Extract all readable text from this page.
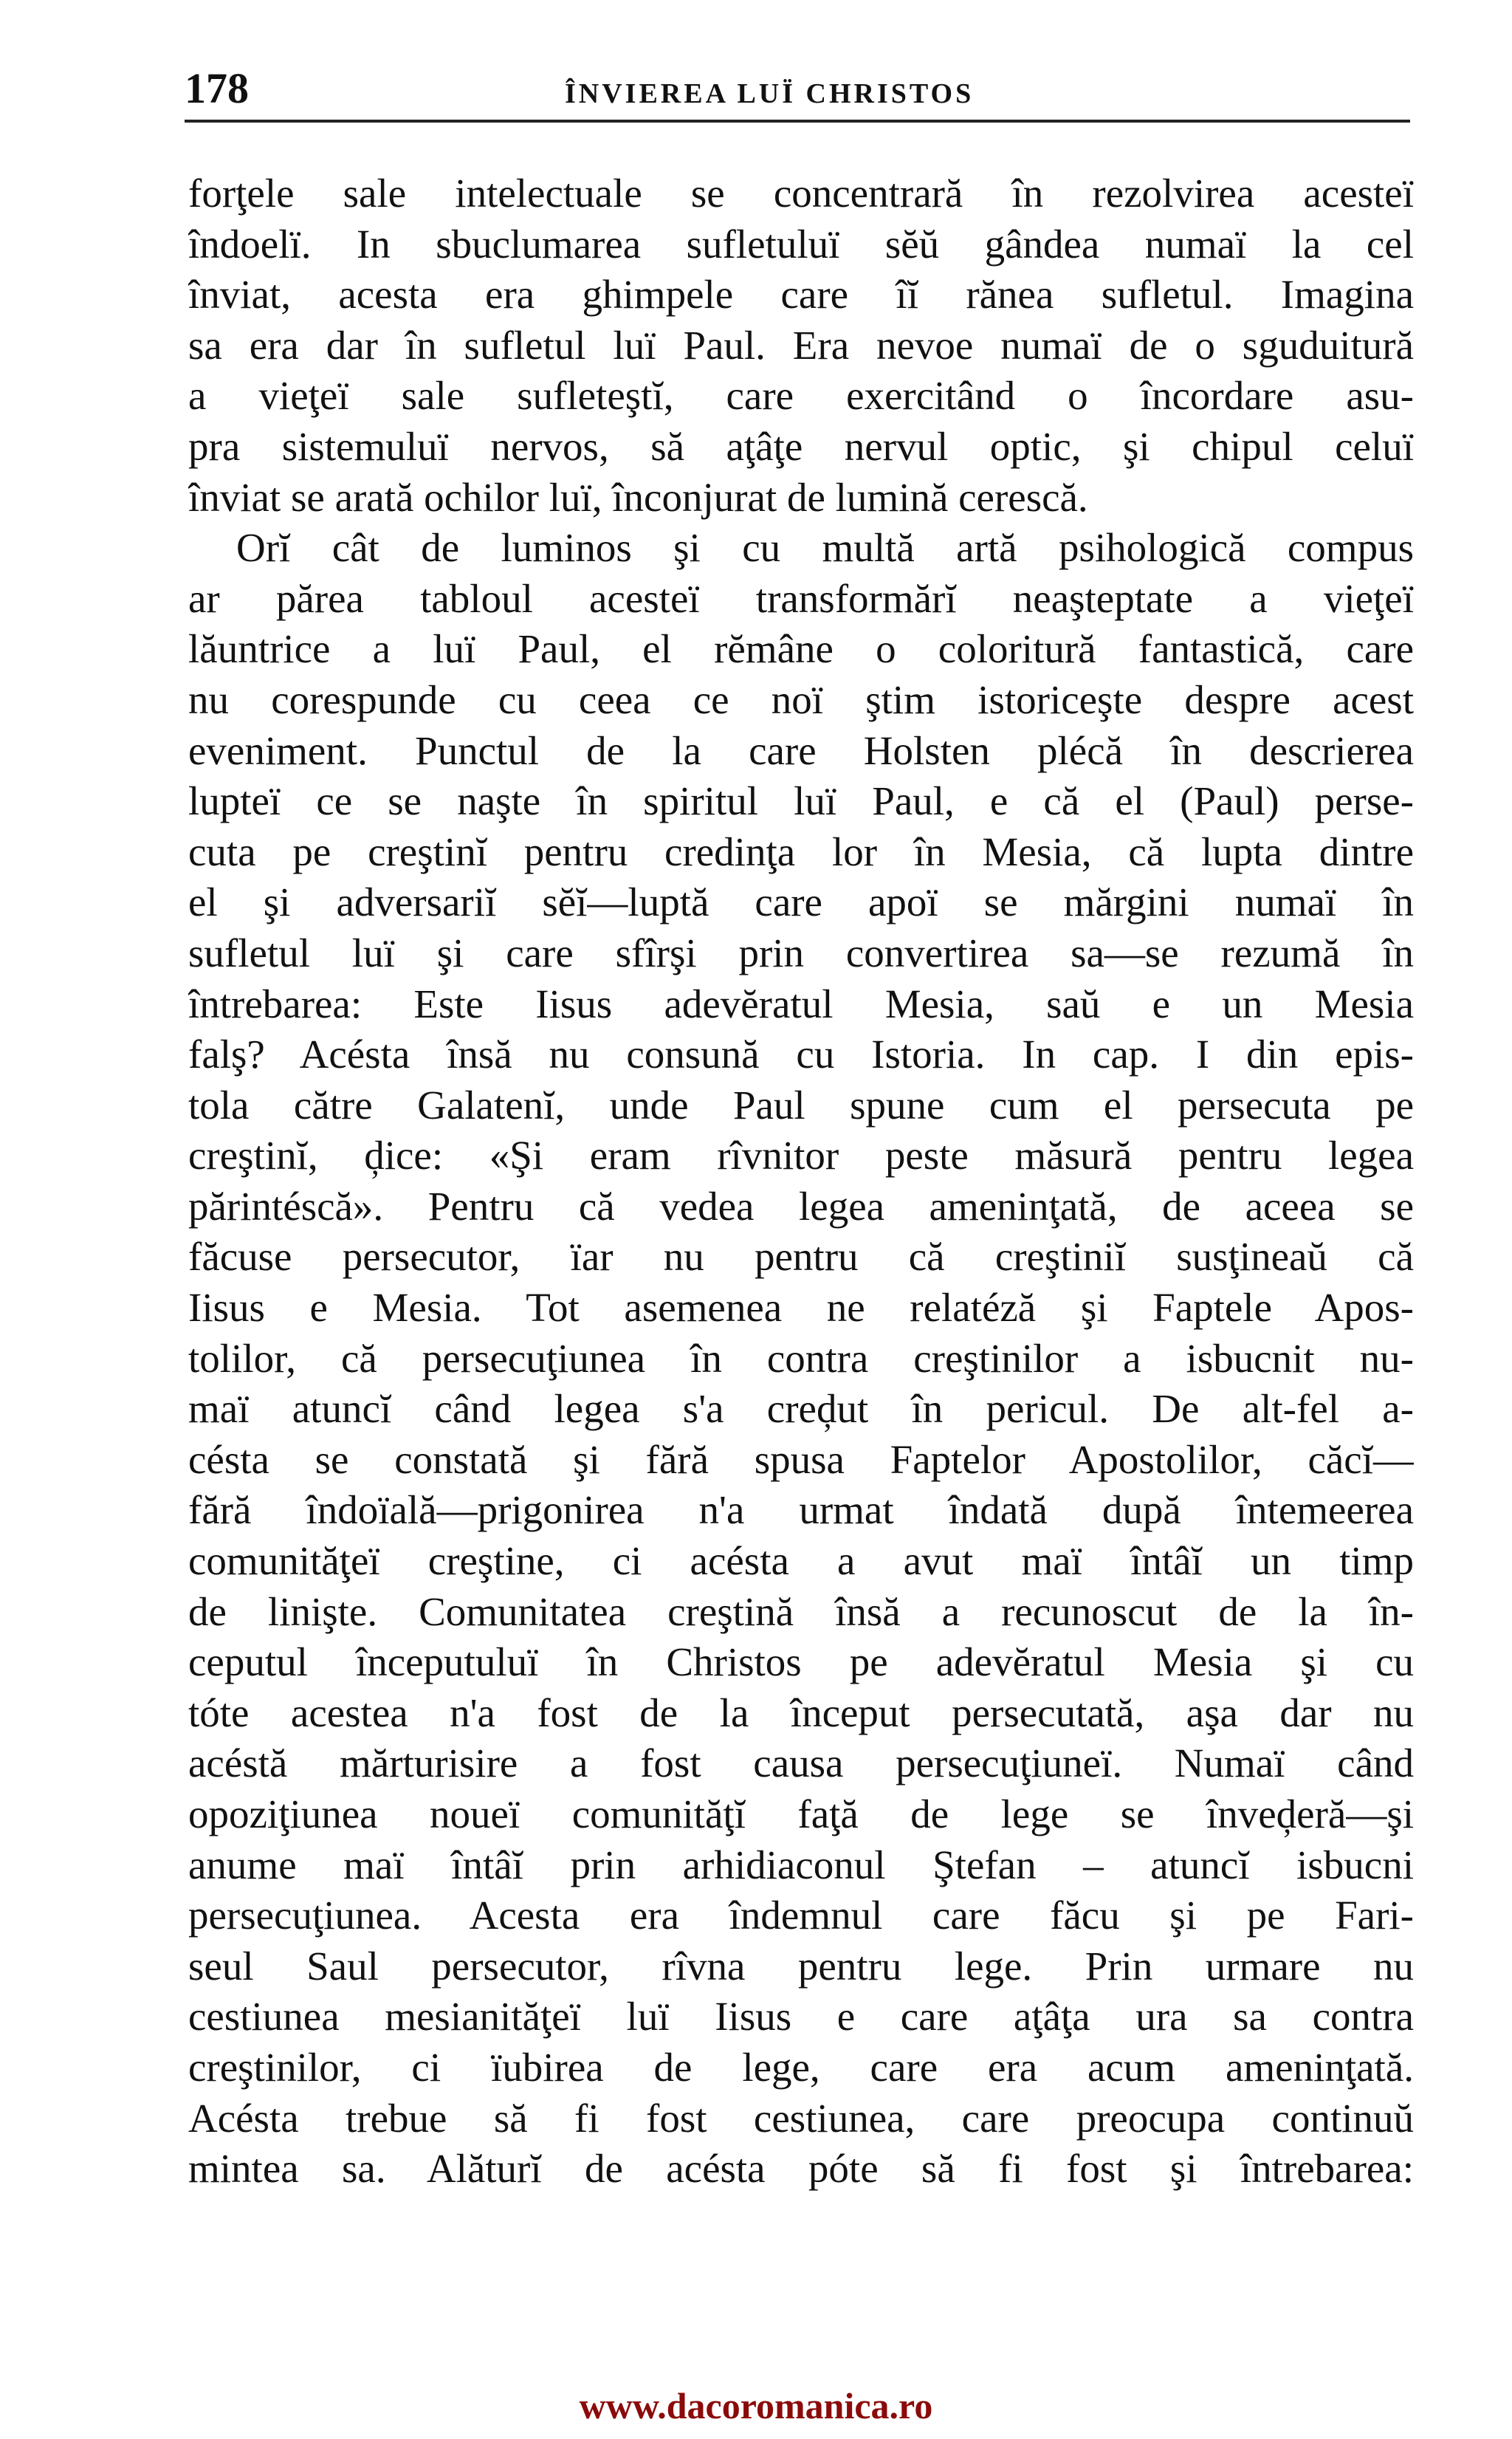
178	ÎNVIEREA LUÏ CHRISTOS
forţele sale intelectuale se concentrară în rezolvirea acesteï
îndoelï. In sbuclumarea sufletuluï sĕŭ gândea numaï la cel
înviat, acesta era ghimpele care îĭ rănea sufletul. Imagina
sa era dar în sufletul luï Paul. Era nevoe numaï de o sguduitură
a vieţeï sale sufleteştĭ, care exercitând o încordare asu-
pra sistemuluï nervos, să aţâţe nervul optic, şi chipul celuï
înviat se arată ochilor luï, înconjurat de lumină cerescă.
Orĭ cât de luminos şi cu multă artă psihologică compus
ar părea tabloul acesteï transformărĭ neaşteptate a vieţeï
lăuntrice a luï Paul, el rĕmâne o coloritură fantastică, care
nu corespunde cu ceea ce noï ştim istoriceşte despre acest
eveniment. Punctul de la care Holsten plécă în descrierea
lupteï ce se naşte în spiritul luï Paul, e că el (Paul) perse-
cuta pe creştinĭ pentru credinţa lor în Mesia, că lupta dintre
el şi adversariĭ sĕĭ—luptă care apoï se mărgini numaï în
sufletul luï şi care sfîrşi prin convertirea sa—se rezumă în
întrebarea: Este Iisus adevĕratul Mesia, saŭ e un Mesia
falş? Acésta însă nu consună cu Istoria. In cap. I din epis-
tola către Galatenĭ, unde Paul spune cum el persecuta pe
creştinĭ, ḑice: «Şi eram rîvnitor peste măsură pentru legea
părintéscă». Pentru că vedea legea ameninţată, de aceea se
făcuse persecutor, ïar nu pentru că creştiniĭ susţineaŭ că
Iisus e Mesia. Tot asemenea ne relatéză şi Faptele Apos-
tolilor, că persecuţiunea în contra creştinilor a isbucnit nu-
maï atuncĭ când legea s'a creḑut în pericul. De alt-fel a-
césta se constată şi fără spusa Faptelor Apostolilor, căcĭ—
fără îndoïală—prigonirea n'a urmat îndată după întemeerea
comunităţeï creştine, ci acésta a avut maï întâĭ un timp
de linişte. Comunitatea creştină însă a recunoscut de la în-
ceputul începutuluï în Christos pe adevĕratul Mesia şi cu
tóte acestea n'a fost de la început persecutată, aşa dar nu
acéstă mărturisire a fost causa persecuţiuneï. Numaï când
opoziţiunea noueï comunităţĭ faţă de lege se înveḑeră—şi
anume maï întâĭ prin arhidiaconul Ştefan – atuncĭ isbucni
persecuţiunea. Acesta era îndemnul care făcu şi pe Fari-
seul Saul persecutor, rîvna pentru lege. Prin urmare nu
cestiunea mesianităţeï luï Iisus e care aţâţa ura sa contra
creştinilor, ci ïubirea de lege, care era acum ameninţată.
Acésta trebue să fi fost cestiunea, care preocupa continuŭ
mintea sa. Alăturĭ de acésta póte să fi fost şi întrebarea:
www.dacoromanica.ro
